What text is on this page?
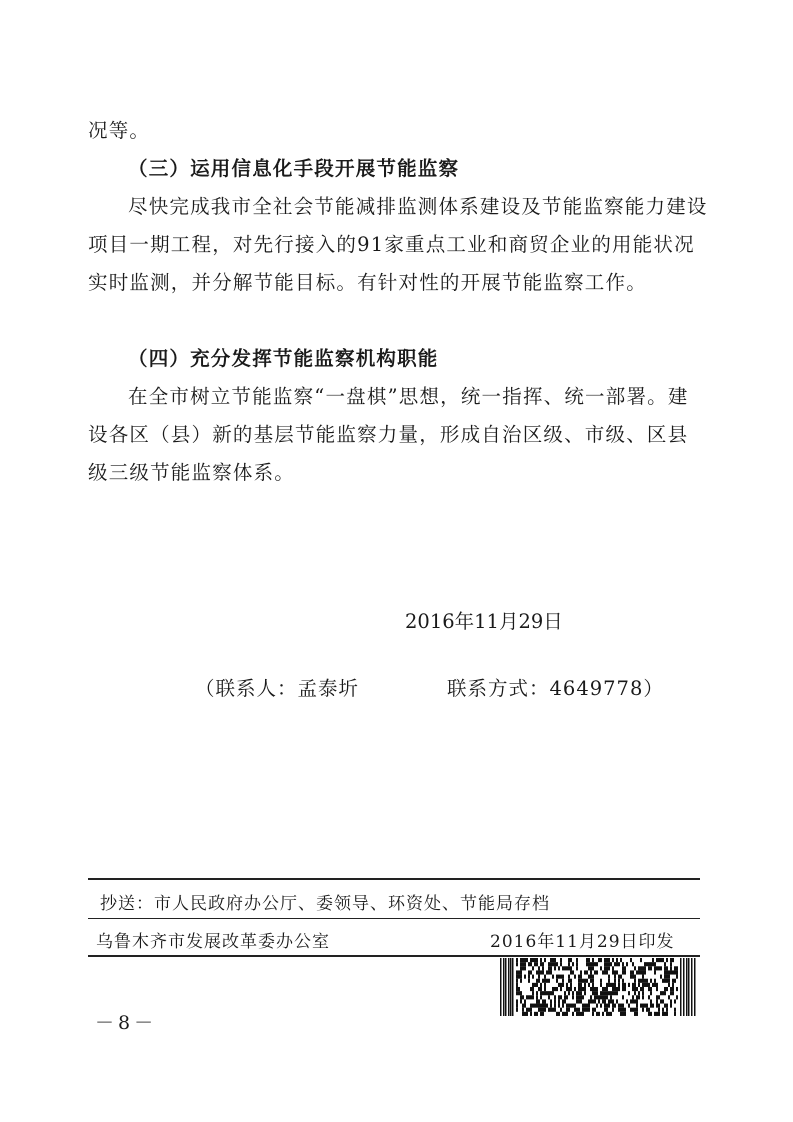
况等。

（三）运用信息化手段开展节能监察

尽快完成我市全社会节能减排监测体系建设及节能监察能力建设项目一期工程，对先行接入的91家重点工业和商贸企业的用能状况实时监测，并分解节能目标。有针对性的开展节能监察工作。

（四）充分发挥节能监察机构职能

在全市树立节能监察“一盘棋”思想，统一指挥、统一部署。建设各区（县）新的基层节能监察力量，形成自治区级、市级、区县级三级节能监察体系。

2016年11月29日
（联系人：孟泰圻	联系方式：4649778）
抄送：市人民政府办公厅、委领导、环资处、节能局存档
乌鲁木齐市发展改革委办公室	2016年11月29日印发
－8－
